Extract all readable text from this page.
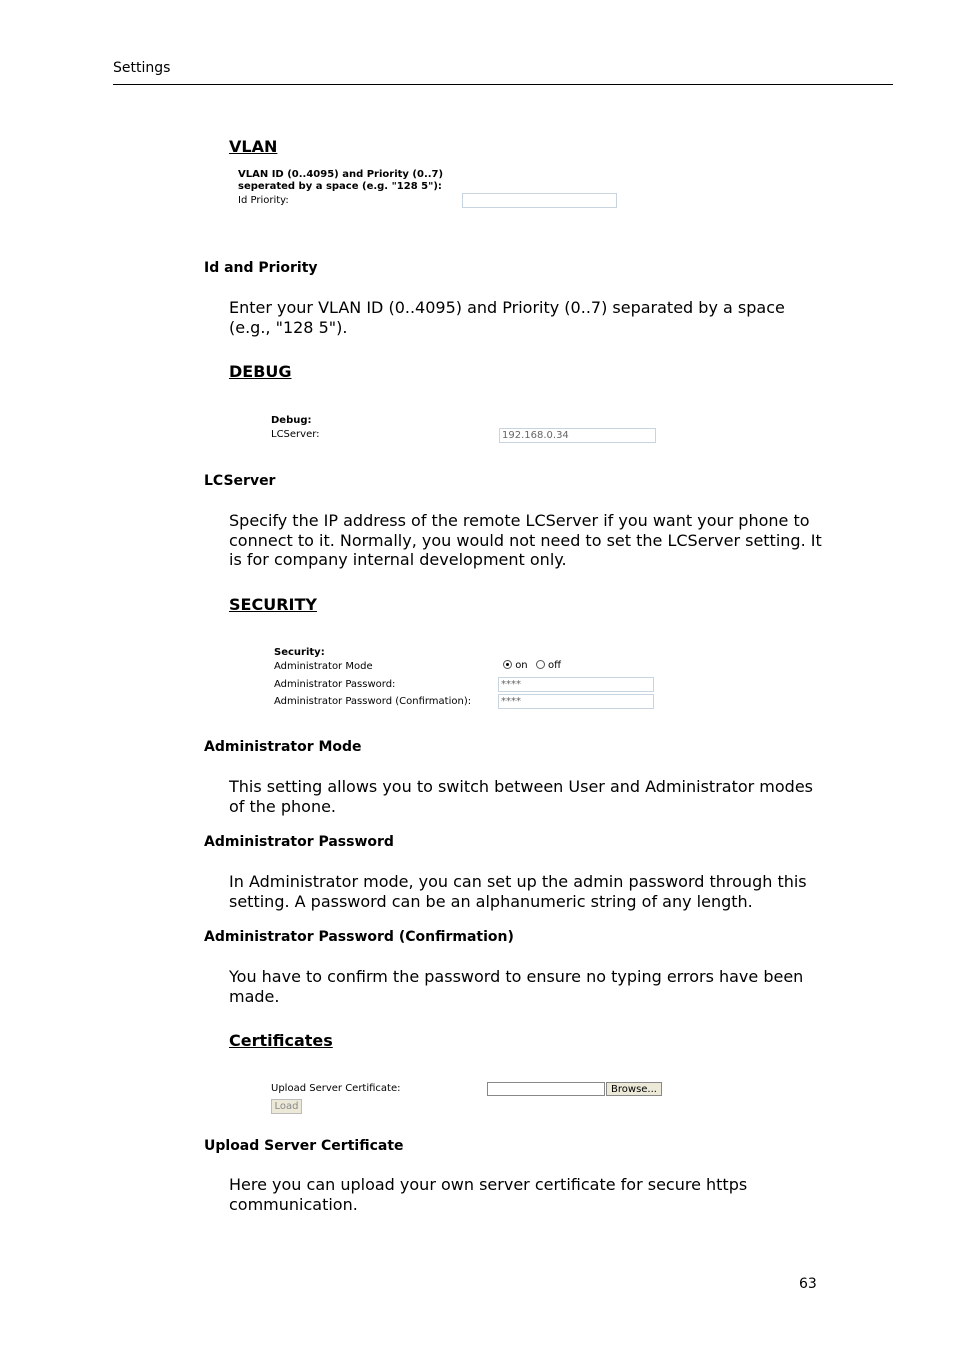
Settings
VLAN
VLAN ID (0..4095) and Priority (0..7)
seperated by a space (e.g. "128 5"):
Id Priority:
Id and Priority
Enter your VLAN ID (0..4095) and Priority (0..7) separated by a space (e.g., "128 5").
DEBUG
Debug:
LCServer:	192.168.0.34
LCServer
Specify the IP address of the remote LCServer if you want your phone to connect to it. Normally, you would not need to set the LCServer setting. It is for company internal development only.
SECURITY
Security:
Administrator Mode	on off
Administrator Password:	****
Administrator Password (Confirmation):	****
Administrator Mode
This setting allows you to switch between User and Administrator modes of the phone.
Administrator Password
In Administrator mode, you can set up the admin password through this setting. A password can be an alphanumeric string of any length.
Administrator Password (Confirmation)
You have to confirm the password to ensure no typing errors have been made.
Certificates
Upload Server Certificate:	Browse...
Load
Upload Server Certificate
Here you can upload your own server certificate for secure https communication.
63
